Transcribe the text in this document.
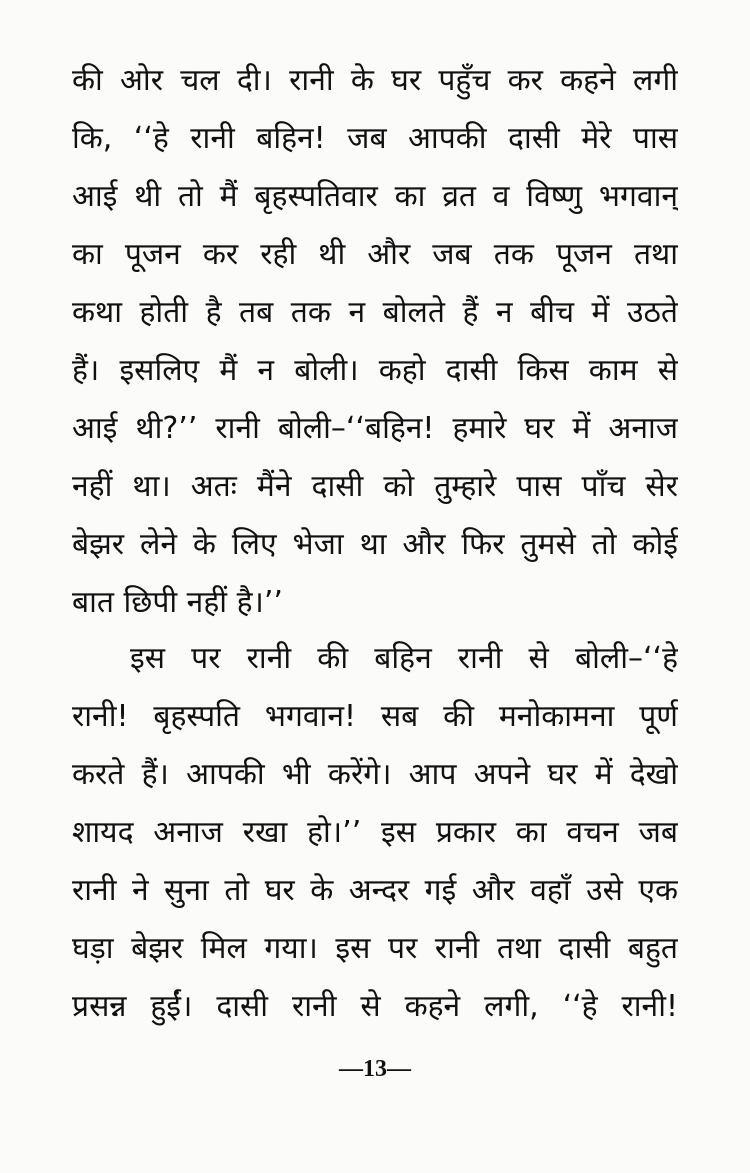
की ओर चल दी। रानी के घर पहुँच कर कहने लगी
कि, ‘‘हे रानी बहिन! जब आपकी दासी मेरे पास
आई थी तो मैं बृहस्पतिवार का व्रत व विष्णु भगवान्
का पूजन कर रही थी और जब तक पूजन तथा
कथा होती है तब तक न बोलते हैं न बीच में उठते
हैं। इसलिए मैं न बोली। कहो दासी किस काम से
आई थी?’’ रानी बोली–‘‘बहिन! हमारे घर में अनाज
नहीं था। अतः मैंने दासी को तुम्हारे पास पाँच सेर
बेझर लेने के लिए भेजा था और फिर तुमसे तो कोई
बात छिपी नहीं है।’’
इस पर रानी की बहिन रानी से बोली–‘‘हे
रानी! बृहस्पति भगवान! सब की मनोकामना पूर्ण
करते हैं। आपकी भी करेंगे। आप अपने घर में देखो
शायद अनाज रखा हो।’’ इस प्रकार का वचन जब
रानी ने सुना तो घर के अन्दर गई और वहाँ उसे एक
घड़ा बेझर मिल गया। इस पर रानी तथा दासी बहुत
प्रसन्न हुईं। दासी रानी से कहने लगी, ‘‘हे रानी!
—13—
